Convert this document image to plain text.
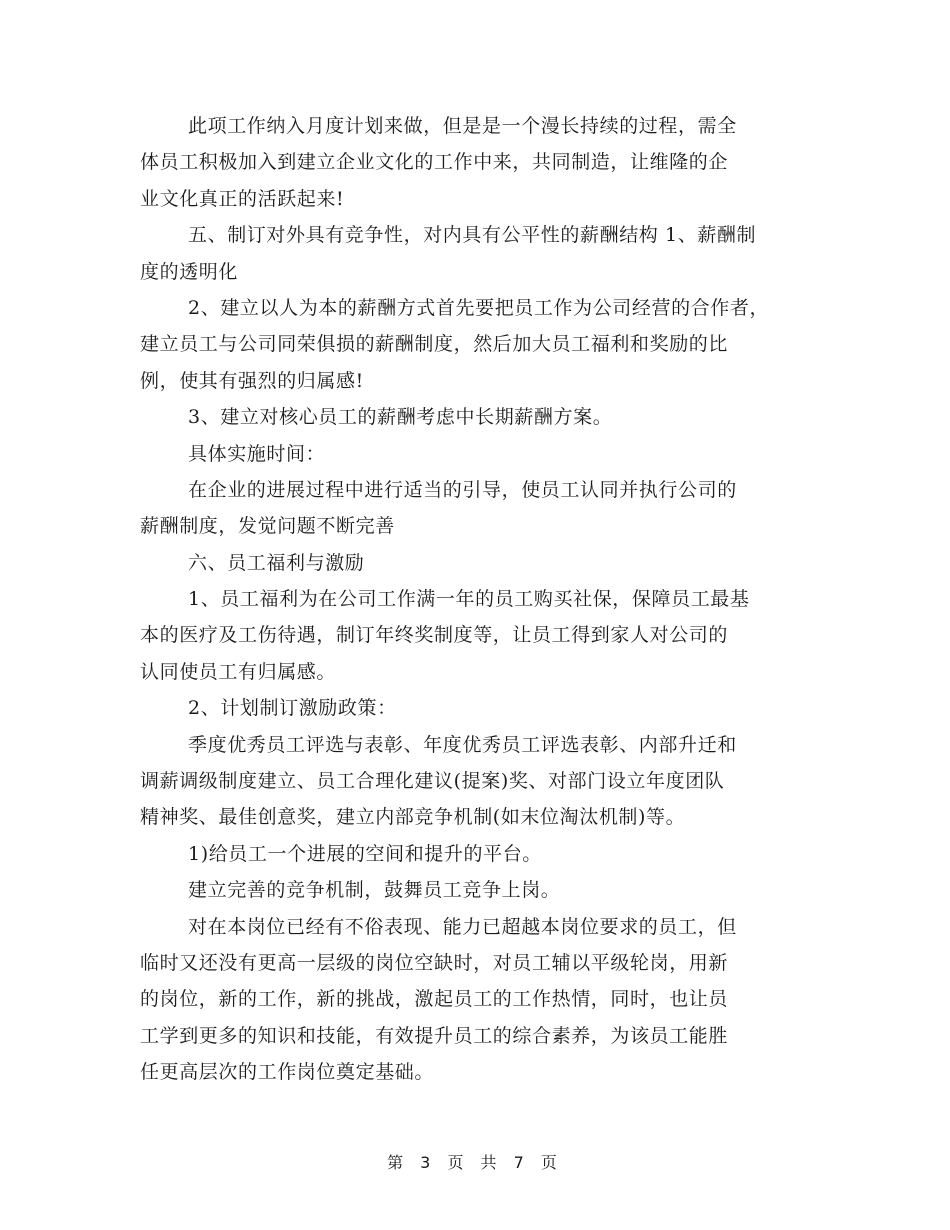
此项工作纳入月度计划来做，但是是一个漫长持续的过程，需全
体员工积极加入到建立企业文化的工作中来，共同制造，让维隆的企
业文化真正的活跃起来!
五、制订对外具有竞争性，对内具有公平性的薪酬结构 1、薪酬制
度的透明化
2、建立以人为本的薪酬方式首先要把员工作为公司经营的合作者，
建立员工与公司同荣俱损的薪酬制度，然后加大员工福利和奖励的比
例，使其有强烈的归属感!
3、建立对核心员工的薪酬考虑中长期薪酬方案。
具体实施时间：
在企业的进展过程中进行适当的引导，使员工认同并执行公司的
薪酬制度，发觉问题不断完善
六、员工福利与激励
1、员工福利为在公司工作满一年的员工购买社保，保障员工最基
本的医疗及工伤待遇，制订年终奖制度等，让员工得到家人对公司的
认同使员工有归属感。
2、计划制订激励政策：
季度优秀员工评选与表彰、年度优秀员工评选表彰、内部升迁和
调薪调级制度建立、员工合理化建议(提案)奖、对部门设立年度团队
精神奖、最佳创意奖，建立内部竞争机制(如末位淘汰机制)等。
1)给员工一个进展的空间和提升的平台。
建立完善的竞争机制，鼓舞员工竞争上岗。
对在本岗位已经有不俗表现、能力已超越本岗位要求的员工，但
临时又还没有更高一层级的岗位空缺时，对员工辅以平级轮岗，用新
的岗位，新的工作，新的挑战，激起员工的工作热情，同时，也让员
工学到更多的知识和技能，有效提升员工的综合素养，为该员工能胜
任更高层次的工作岗位奠定基础。
第 3 页 共 7 页
